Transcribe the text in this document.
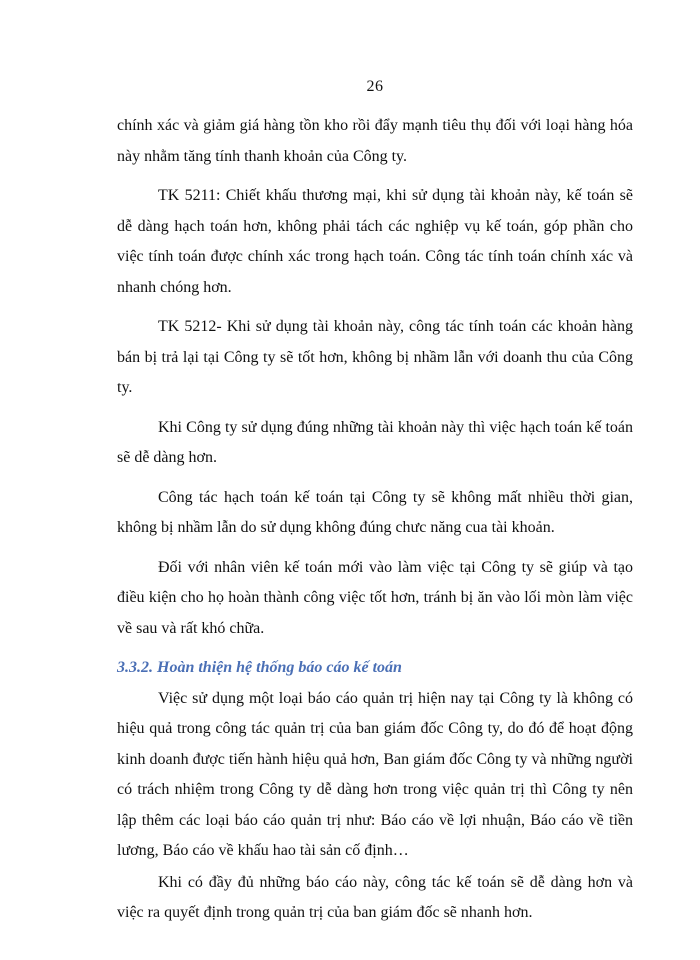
26

chính xác và giảm giá hàng tồn kho rồi đẩy mạnh tiêu thụ đối với loại hàng hóa này nhằm tăng tính thanh khoản của Công ty.

TK 5211: Chiết khấu thương mại, khi sử dụng tài khoản này, kế toán sẽ dễ dàng hạch toán hơn, không phải tách các nghiệp vụ kế toán, góp phần cho việc tính toán được chính xác trong hạch toán. Công tác tính toán chính xác và nhanh chóng hơn.

TK 5212- Khi sử dụng tài khoản này, công tác tính toán các khoản hàng bán bị trả lại tại Công ty sẽ tốt hơn, không bị nhầm lẫn với doanh thu của Công ty.

Khi Công ty sử dụng đúng những tài khoản này thì việc hạch toán kế toán sẽ dễ dàng hơn.

Công tác hạch toán kế toán tại Công ty sẽ không mất nhiều thời gian, không bị nhầm lẫn do sử dụng không đúng chưc năng cua tài khoản.

Đối với nhân viên kế toán mới vào làm việc tại Công ty sẽ giúp và tạo điều kiện cho họ hoàn thành công việc tốt hơn, tránh bị ăn vào lối mòn làm việc về sau và rất khó chữa.

3.3.2. Hoàn thiện hệ thống báo cáo kế toán

Việc sử dụng một loại báo cáo quản trị hiện nay tại Công ty là không có hiệu quả trong công tác quản trị của ban giám đốc Công ty, do đó để hoạt động kinh doanh được tiến hành hiệu quả hơn, Ban giám đốc Công ty và những người có trách nhiệm trong Công ty dễ dàng hơn trong việc quản trị thì Công ty nên lập thêm các loại báo cáo quản trị như: Báo cáo về lợi nhuận, Báo cáo về tiền lương, Báo cáo về khấu hao tài sản cố định…

Khi có đầy đủ những báo cáo này, công tác kế toán sẽ dễ dàng hơn và việc ra quyết định trong quản trị của ban giám đốc sẽ nhanh hơn.
